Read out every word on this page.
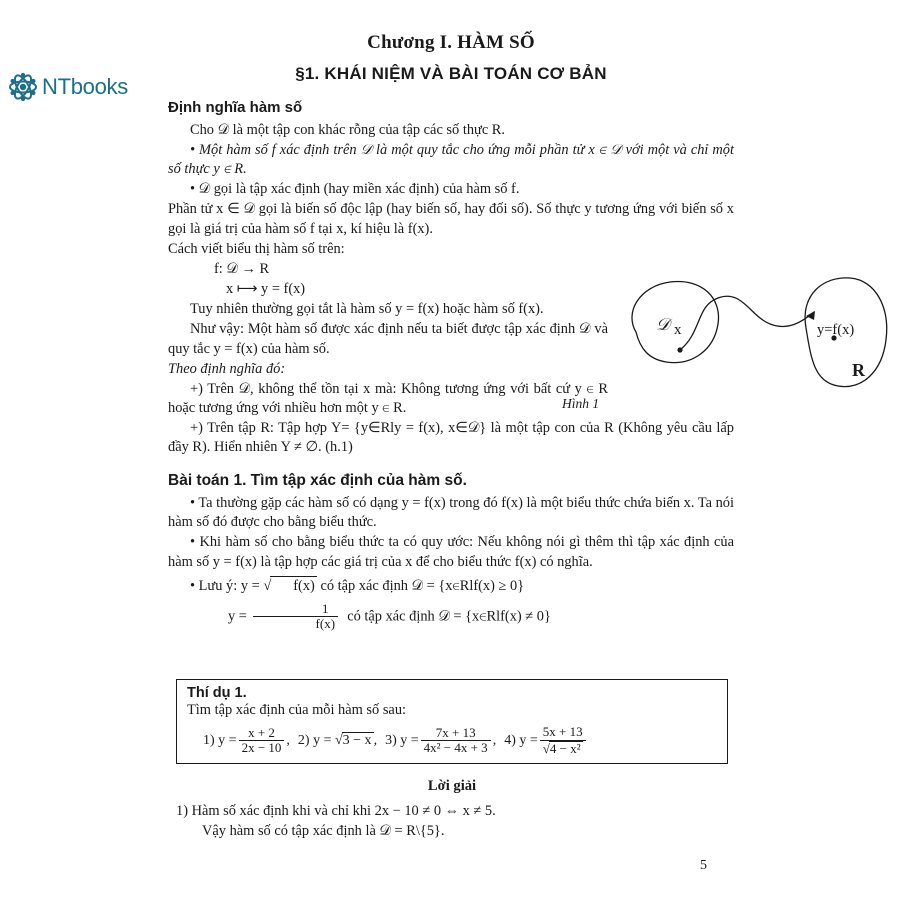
NTbooks
Chương I. HÀM SỐ
§1. KHÁI NIỆM VÀ BÀI TOÁN CƠ BẢN
Định nghĩa hàm số

Cho 𝒟 là một tập con khác rỗng của tập các số thực R.

• Một hàm số f xác định trên 𝒟 là một quy tắc cho ứng mỗi phần tử x ∈ 𝒟 với một và chỉ một số thực y ∈ R.

• 𝒟 gọi là tập xác định (hay miền xác định) của hàm số f.

Phần tử x ∈ 𝒟 gọi là biến số độc lập (hay biến số, hay đối số). Số thực y tương ứng với biến số x gọi là giá trị của hàm số f tại x, kí hiệu là f(x).

Cách viết biểu thị hàm số trên:

f: 𝒟 → R

x ⟼ y = f(x)

Tuy nhiên thường gọi tắt là hàm số y = f(x) hoặc hàm số f(x).

Như vậy: Một hàm số được xác định nếu ta biết được tập xác định 𝒟 và quy tắc y = f(x) của hàm số.

Theo định nghĩa đó:

+) Trên 𝒟, không thể tồn tại x mà: Không tương ứng với bất cứ y ∈ R hoặc tương ứng với nhiều hơn một y ∈ R.

+) Trên tập R: Tập hợp Y= {y∈Rly = f(x), x∈𝒟} là một tập con của R (Không yêu cầu lấp đầy R). Hiển nhiên Y ≠ ∅. (h.1)

Bài toán 1. Tìm tập xác định của hàm số.

• Ta thường gặp các hàm số có dạng y = f(x) trong đó f(x) là một biểu thức chứa biến x. Ta nói hàm số đó được cho bằng biểu thức.

• Khi hàm số cho bằng biểu thức ta có quy ước: Nếu không nói gì thêm thì tập xác định của hàm số y = f(x) là tập hợp các giá trị của x để cho biểu thức f(x) có nghĩa.

• Lưu ý: y = √ f(x) có tập xác định 𝒟 = {x∈Rlf(x) ≥ 0}

$y = \frac{1}{f(x)}$ có tập xác định 𝒟 = {x∈Rlf(x) ≠ 0}

𝒟 x	y=f(x)
R
Hình 1
Thí dụ 1.
Tìm tập xác định của mỗi hàm số sau:
1) $y = \frac{x + 2}{2x - 10}$ , 2) y =
√ 3 − x , 3) $y = \frac{7x + 13}{\text{4x² − 4x + 3}}$ , 4) $y = \frac{5x + 13}{\text{√4 − x²}}$
Lời giải

1) Hàm số xác định khi và chỉ khi 2x − 10 ≠ 0 ⇔ x ≠ 5.

Vậy hàm số có tập xác định là 𝒟 = R\{5}.

5
